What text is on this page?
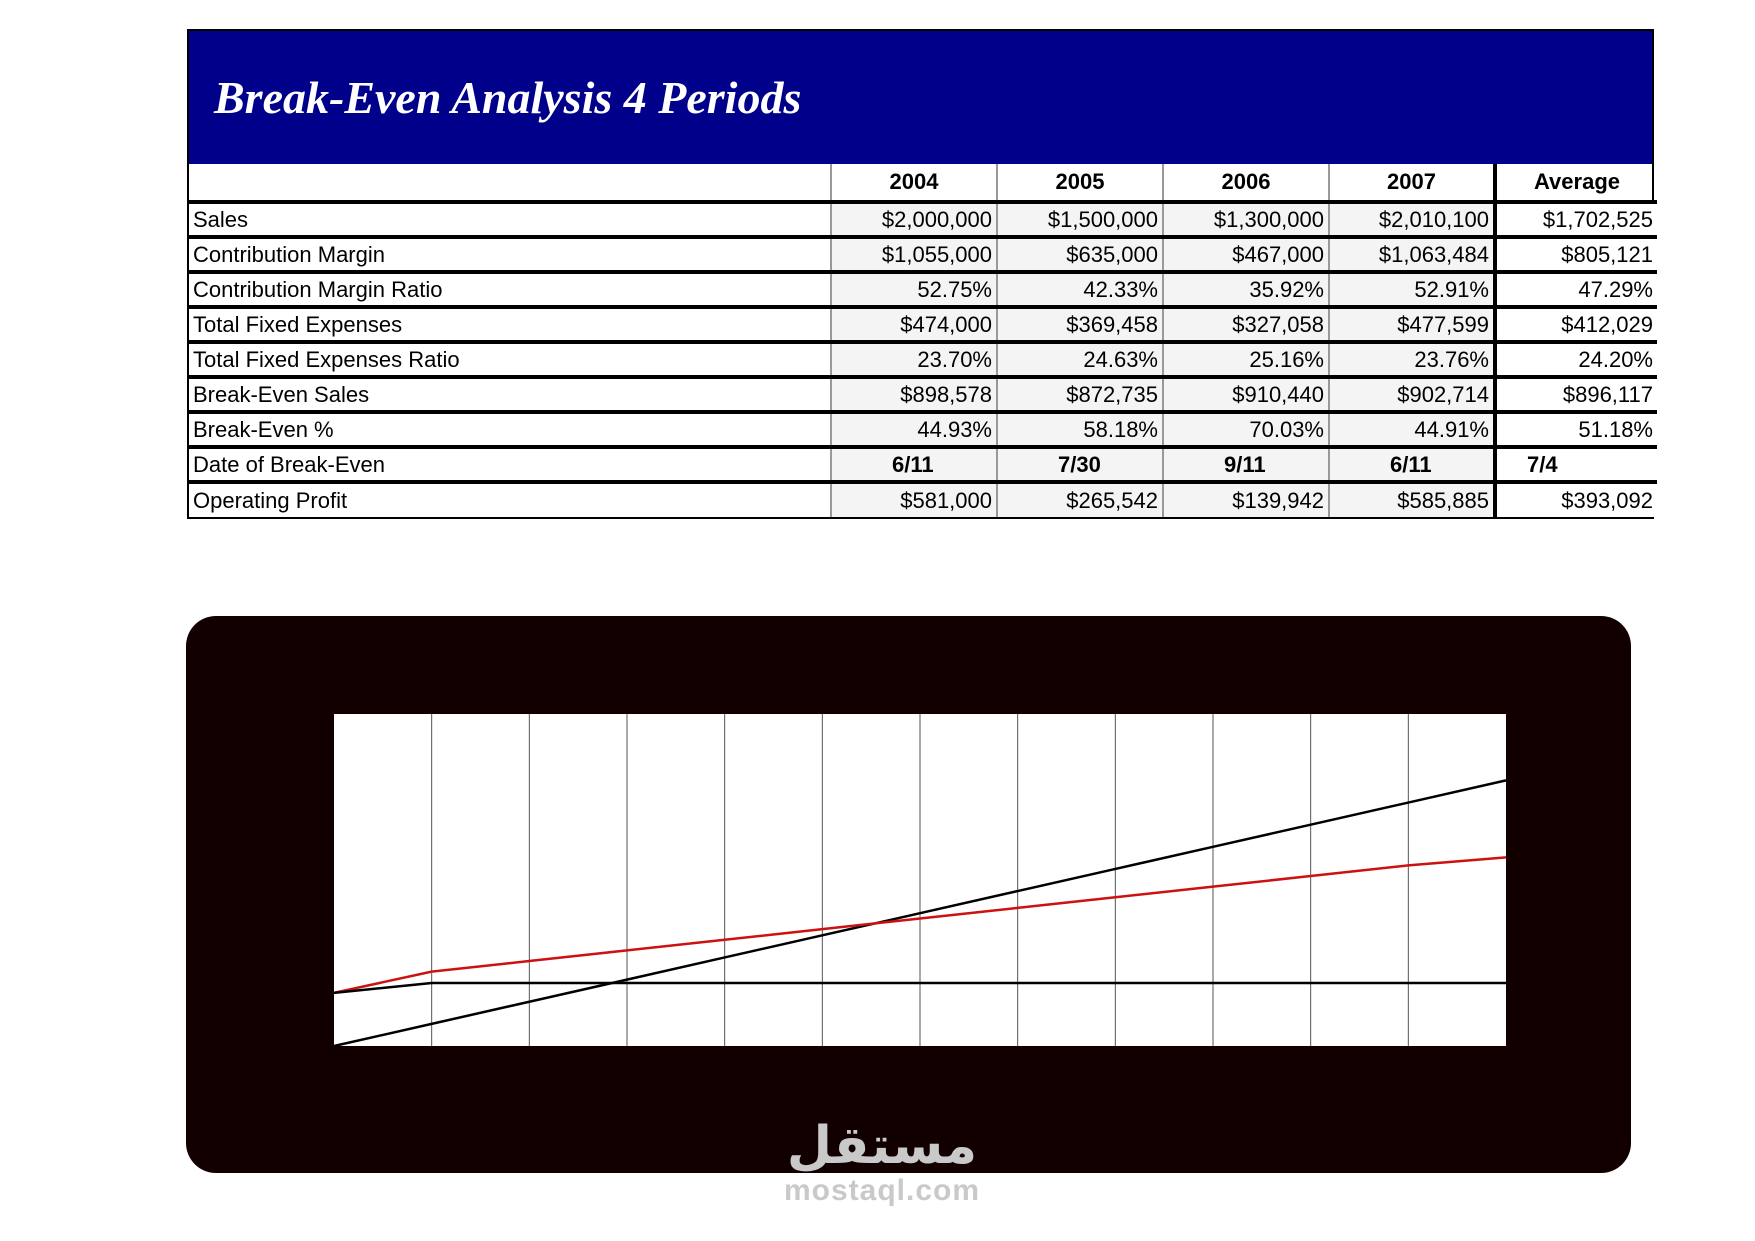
Break-Even Analysis 4 Periods
	2004	2005	2006	2007	Average
Sales	$2,000,000	$1,500,000	$1,300,000	$2,010,100	$1,702,525
Contribution Margin	$1,055,000	$635,000	$467,000	$1,063,484	$805,121
Contribution Margin Ratio	52.75%	42.33%	35.92%	52.91%	47.29%
Total Fixed Expenses	$474,000	$369,458	$327,058	$477,599	$412,029
Total Fixed Expenses Ratio	23.70%	24.63%	25.16%	23.76%	24.20%
Break-Even Sales	$898,578	$872,735	$910,440	$902,714	$896,117
Break-Even %	44.93%	58.18%	70.03%	44.91%	51.18%
Date of Break-Even	6/11	7/30	9/11	6/11	7/4
Operating Profit	$581,000	$265,542	$139,942	$585,885	$393,092
Break-Even Analysis First Period
$0
$500,000
$1,000,000
$1,500,000
$2,000,000
$2,500,000
Jan	Feb	Mar	Apr	May	Jun	Jul	Aug	Sep	Oct	Nov	Dec	Dec
مستقل
mostaql.com
